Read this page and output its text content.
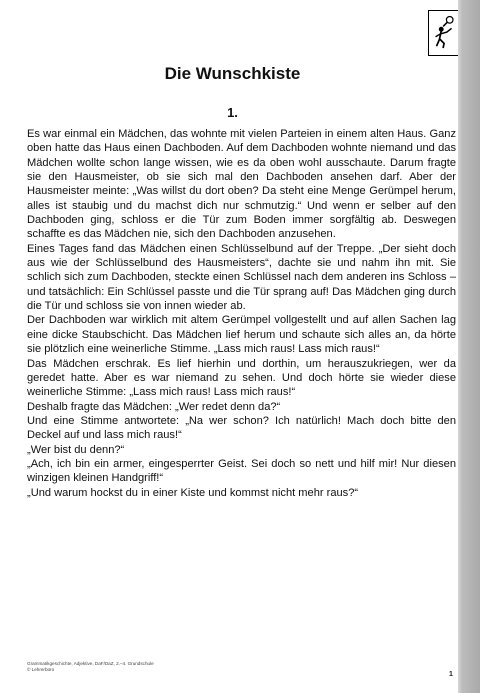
Die Wunschkiste
1.

Es war einmal ein Mädchen, das wohnte mit vielen Parteien in einem alten Haus. Ganz oben hatte das Haus einen Dachboden. Auf dem Dachboden wohnte niemand und das Mädchen wollte schon lange wissen, wie es da oben wohl ausschaute. Darum fragte sie den Hausmeister, ob sie sich mal den Dachboden ansehen darf. Aber der Hausmeister meinte: „Was willst du dort oben? Da steht eine Menge Gerümpel herum, alles ist staubig und du machst dich nur schmutzig.“ Und wenn er selber auf den Dachboden ging, schloss er die Tür zum Boden immer sorgfältig ab. Deswegen schaffte es das Mädchen nie, sich den Dachboden anzusehen.

Eines Tages fand das Mädchen einen Schlüsselbund auf der Treppe. „Der sieht doch aus wie der Schlüsselbund des Hausmeisters“, dachte sie und nahm ihn mit. Sie schlich sich zum Dachboden, steckte einen Schlüssel nach dem anderen ins Schloss – und tatsächlich: Ein Schlüssel passte und die Tür sprang auf! Das Mädchen ging durch die Tür und schloss sie von innen wieder ab.

Der Dachboden war wirklich mit altem Gerümpel vollgestellt und auf allen Sachen lag eine dicke Staubschicht. Das Mädchen lief herum und schaute sich alles an, da hörte sie plötzlich eine weinerliche Stimme. „Lass mich raus! Lass mich raus!“

Das Mädchen erschrak. Es lief hierhin und dorthin, um herauszukriegen, wer da geredet hatte. Aber es war niemand zu sehen. Und doch hörte sie wieder diese weinerliche Stimme: „Lass mich raus! Lass mich raus!“

Deshalb fragte das Mädchen: „Wer redet denn da?“

Und eine Stimme antwortete: „Na wer schon? Ich natürlich! Mach doch bitte den Deckel auf und lass mich raus!“

„Wer bist du denn?“

„Ach, ich bin ein armer, eingesperrter Geist. Sei doch so nett und hilf mir! Nur diesen winzigen kleinen Handgriff!“

„Und warum hockst du in einer Kiste und kommst nicht mehr raus?“

Grammatikgeschichte, Adjektive, DaF/DaZ, 2.–4. Grundschule
© Lehrerbüro
1
